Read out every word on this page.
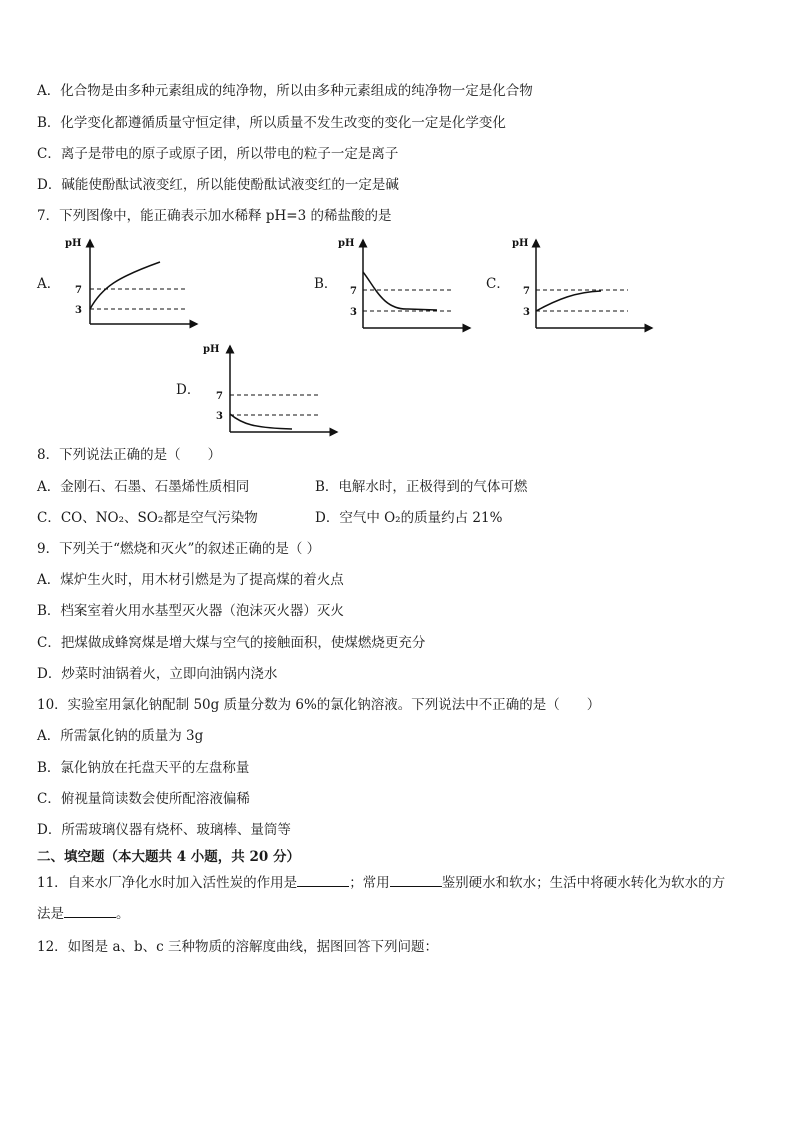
A．化合物是由多种元素组成的纯净物，所以由多种元素组成的纯净物一定是化合物
B．化学变化都遵循质量守恒定律，所以质量不发生改变的变化一定是化学变化
C．离子是带电的原子或原子团，所以带电的粒子一定是离子
D．碱能使酚酞试液变红，所以能使酚酞试液变红的一定是碱
7．下列图像中，能正确表示加水稀释 pH=3 的稀盐酸的是
A．
pH
7
3
B．
pH
7
3
C．
pH
7
3
D．
pH
7
3
8．下列说法正确的是（　　）
A．金刚石、石墨、石墨烯性质相同	B．电解水时，正极得到的气体可燃
C．CO、NO₂、SO₂都是空气污染物	D．空气中 O₂的质量约占 21%
9．下列关于“燃烧和灭火”的叙述正确的是（ ）
A．煤炉生火时，用木材引燃是为了提高煤的着火点
B．档案室着火用水基型灭火器（泡沫灭火器）灭火
C．把煤做成蜂窝煤是增大煤与空气的接触面积，使煤燃烧更充分
D．炒菜时油锅着火，立即向油锅内浇水
10．实验室用氯化钠配制 50g 质量分数为 6%的氯化钠溶液。下列说法中不正确的是（　　）
A．所需氯化钠的质量为 3g
B．氯化钠放在托盘天平的左盘称量
C．俯视量筒读数会使所配溶液偏稀
D．所需玻璃仪器有烧杯、玻璃棒、量筒等
二、填空题（本大题共 4 小题，共 20 分）
11．自来水厂净化水时加入活性炭的作用是	；常用	鉴别硬水和软水；生活中将硬水转化为软水的方
法是	。
12．如图是 a、b、c 三种物质的溶解度曲线，据图回答下列问题：
